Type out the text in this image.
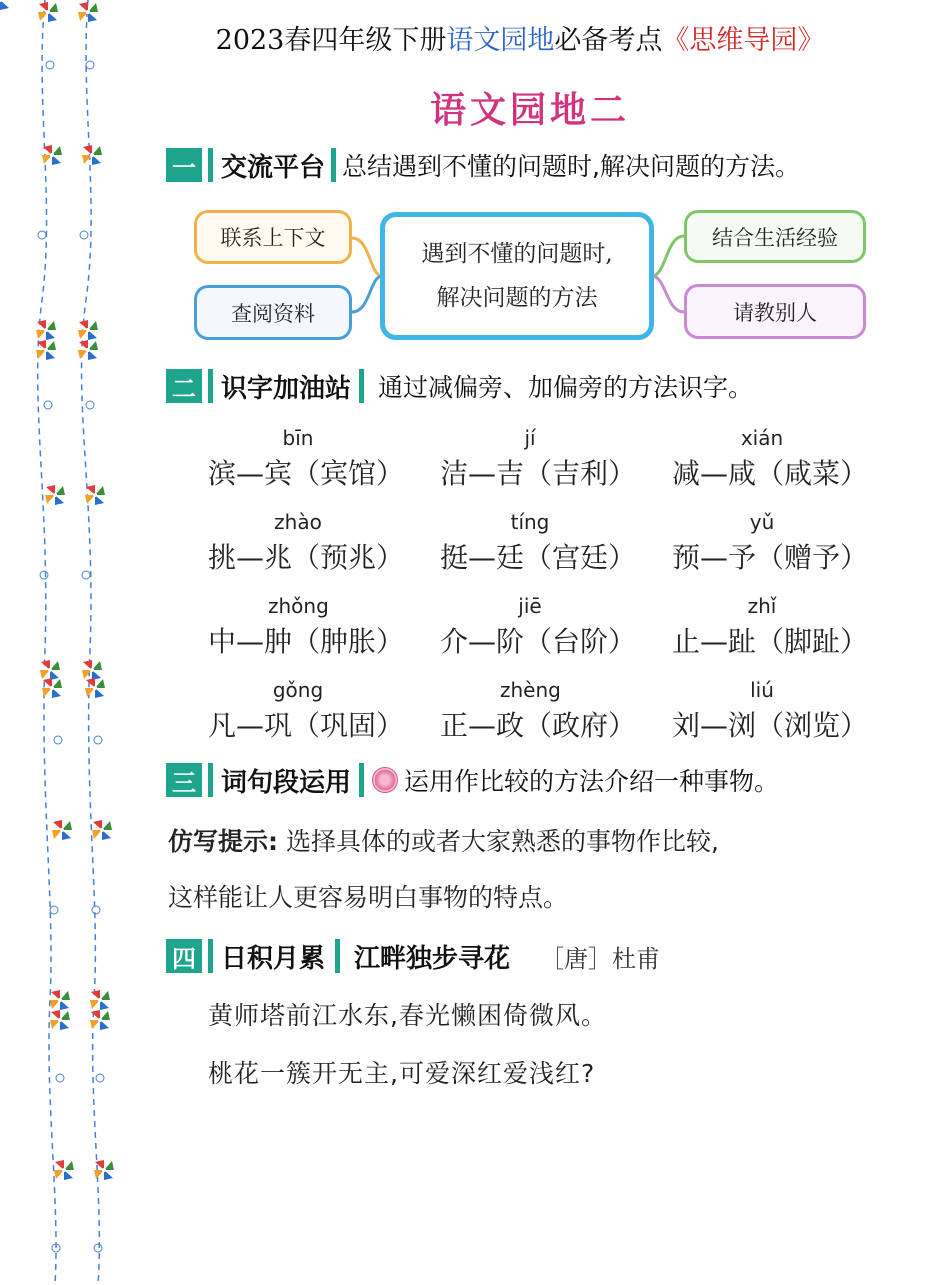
2023春四年级下册语文园地必备考点《思维导园》
语文园地二
一 交流平台 总结遇到不懂的问题时,解决问题的方法。
联系上下文
查阅资料
遇到不懂的问题时,
解决问题的方法
结合生活经验
请教别人
二 识字加油站 通过减偏旁、加偏旁的方法识字。
bīn
滨—宾（宾馆）
jí
洁—吉（吉利）
xián
减—咸（咸菜）
zhào
挑—兆（预兆）
tíng
挺—廷（宫廷）
yǔ
预—予（赠予）
zhǒng
中—肿（肿胀）
jiē
介—阶（台阶）
zhǐ
止—趾（脚趾）
gǒng
凡—巩（巩固）
zhèng
正—政（政府）
liú
刘—浏（浏览）
三 词句段运用 运用作比较的方法介绍一种事物。
仿写提示: 选择具体的或者大家熟悉的事物作比较,
这样能让人更容易明白事物的特点。
四 日积月累 江畔独步寻花 ［唐］杜甫
黄师塔前江水东,春光懒困倚微风。
桃花一簇开无主,可爱深红爱浅红?
